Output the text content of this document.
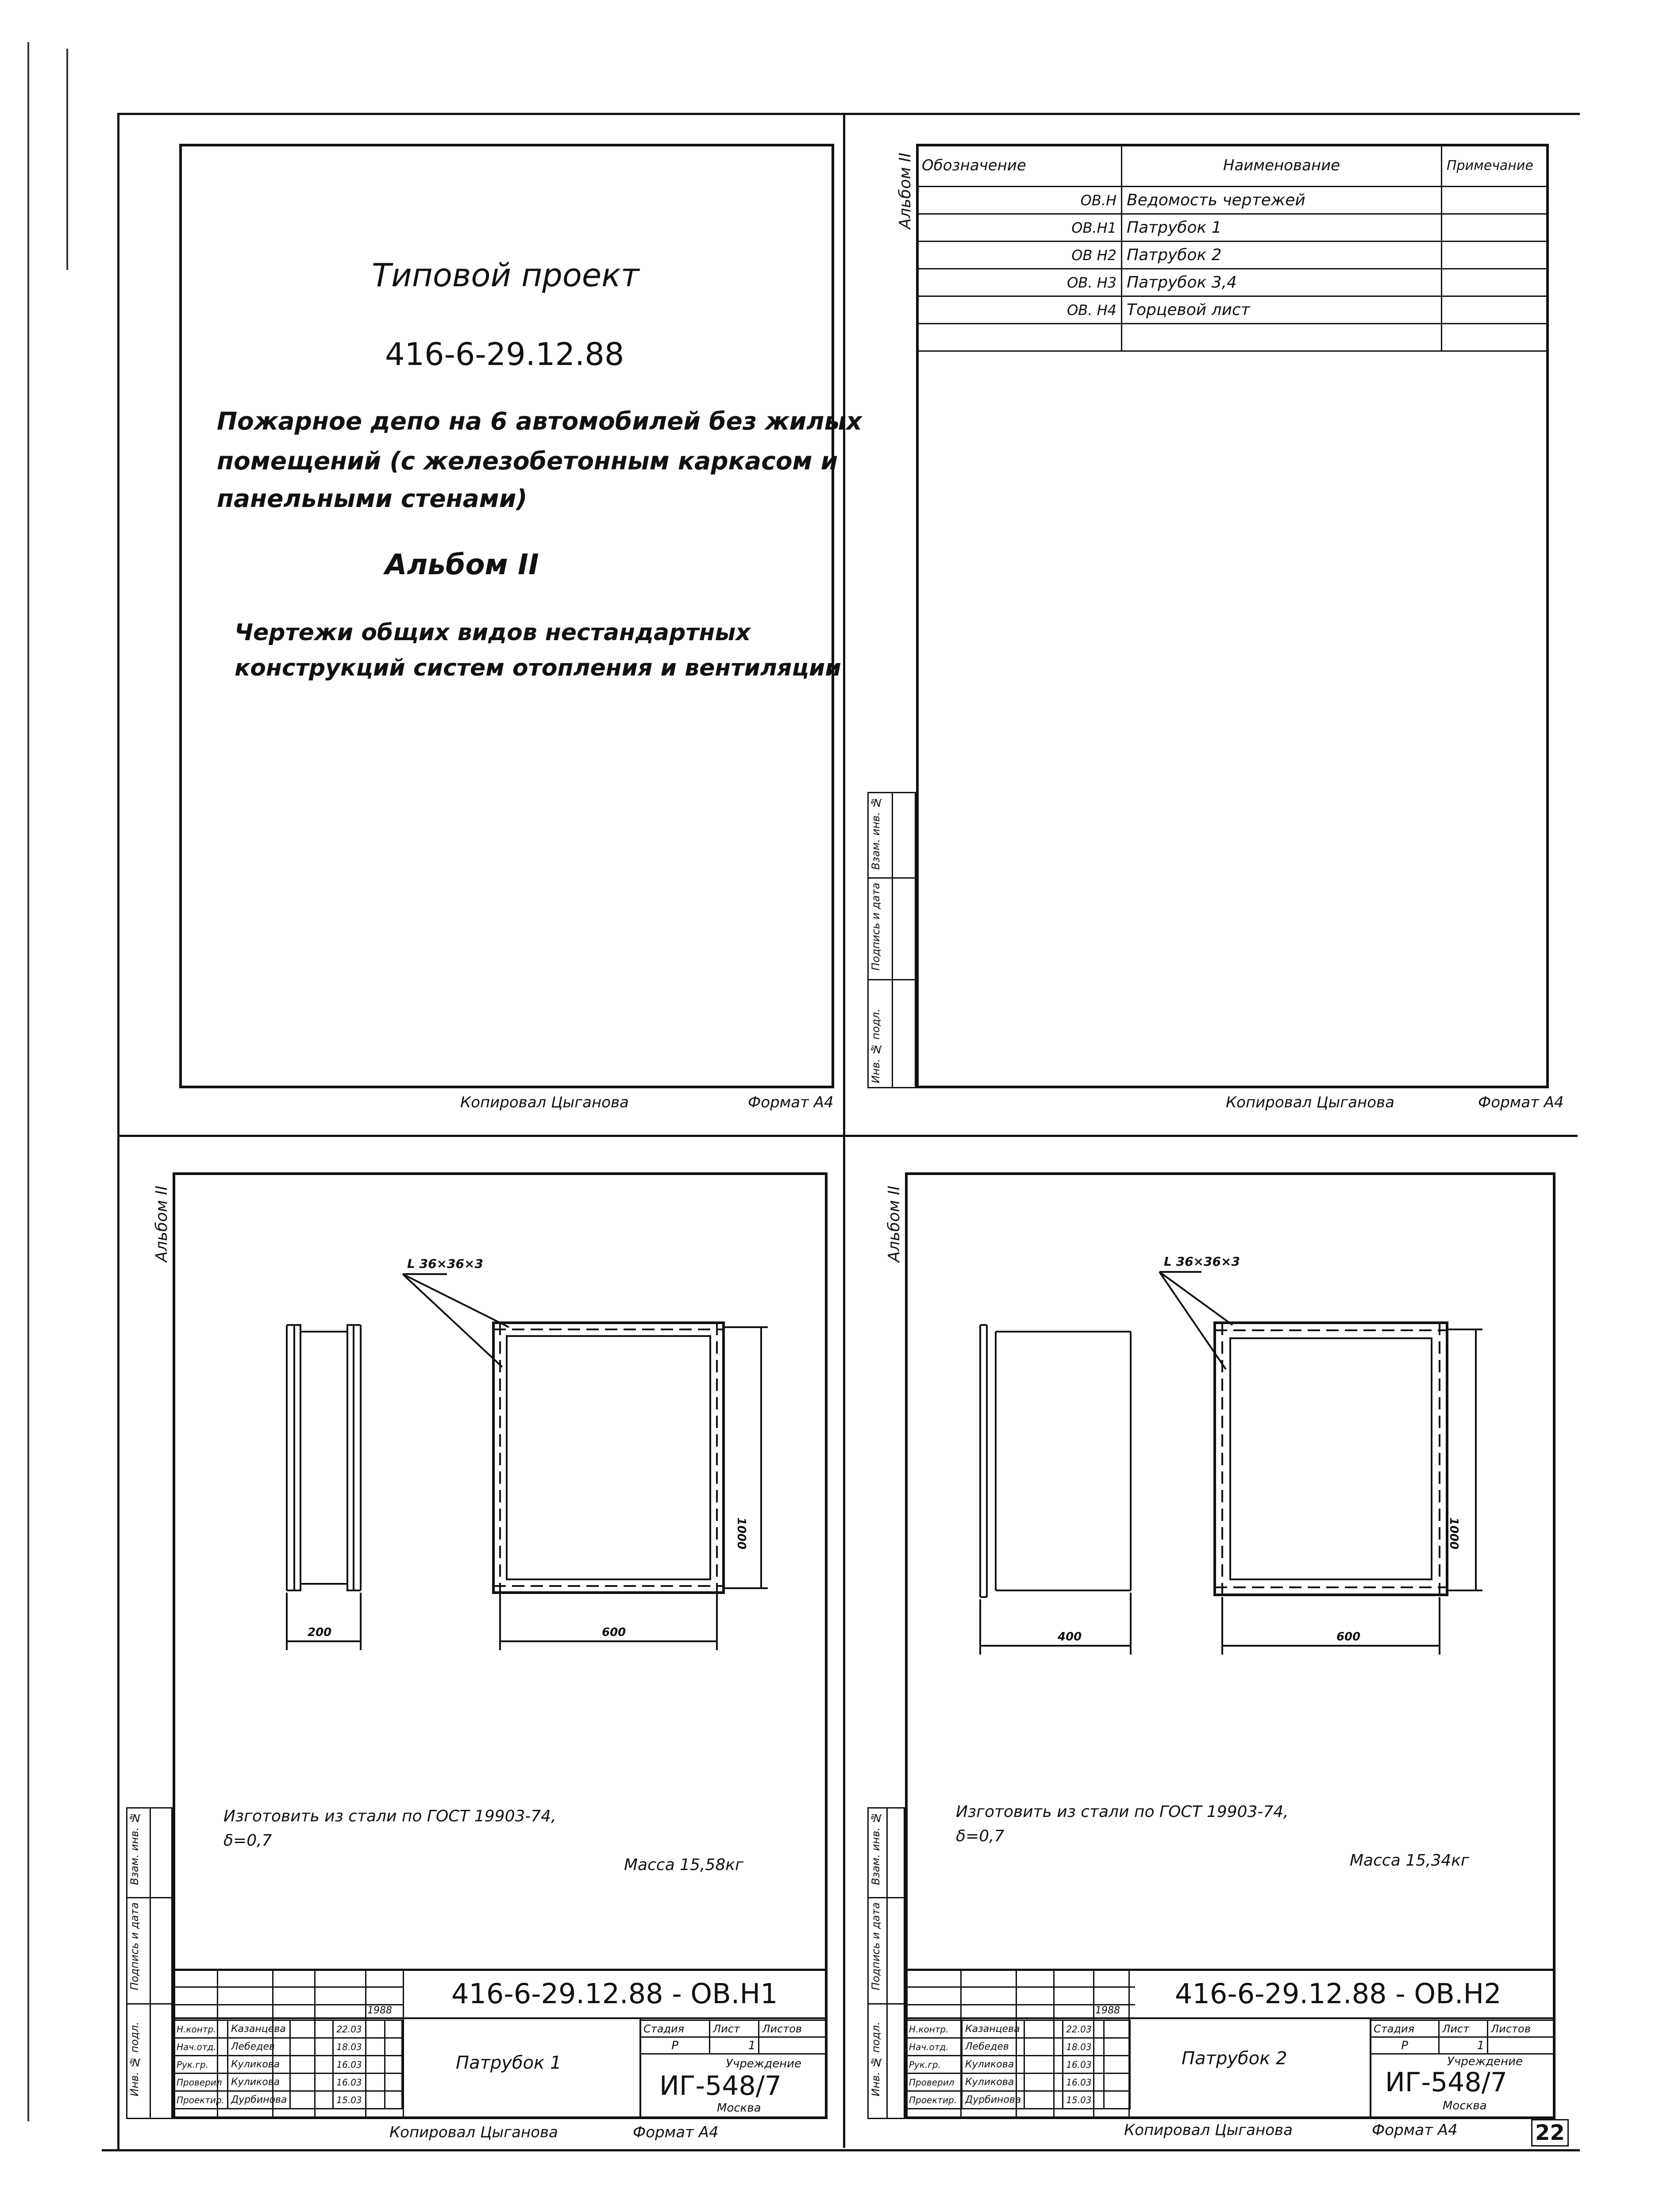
Типовой проект
416-6-29.12.88
Пожарное депо на 6 автомобилей без жилых
помещений (с железобетонным каркасом и
панельными стенами)
Альбом II
Чертежи общих видов нестандартных
конструкций систем отопления и вентиляции
Копировал Цыганова	Формат А4
Альбом II Обозначение	Наименование	Примечание
ОВ.Н	Ведомость чертежей	
ОВ.Н1	Патрубок 1	
ОВ Н2	Патрубок 2	
ОВ. Н3	Патрубок 3,4	
ОВ. Н4	Торцевой лист	

Инв. № подл.
Подпись и дата
Взам. инв. №
Копировал Цыганова	Формат А4
Альбом II
L 36×36×3
200	600
1000
Изготовить из стали по ГОСТ 19903-74,
δ=0,7
Масса 15,58кг
Инв. № подл.
Подпись и дата
Взам. инв. №
416-6-29.12.88 - ОВ.Н1
1988
Н.контр.	Казанцева		22.03	
Нач.отд.	Лебедев		18.03	
Рук.гр.	Куликова		16.03	
Проверил	Куликова		16.03	
Проектир.	Дурбинова		15.03	
Патрубок 1
Стадия	Лист	Листов
Р	1	
Учреждение
ИГ-548/7
Москва
Копировал Цыганова	Формат А4
Альбом II	L 36×36×3
400	600
1000
Изготовить из стали по ГОСТ 19903-74,
δ=0,7
Масса 15,34кг
Инв. № подл.
Подпись и дата
Взам. инв. №
416-6-29.12.88 - ОВ.Н2
1988
Н.контр.	Казанцева		22.03	
Нач.отд.	Лебедев		18.03	
Рук.гр.	Куликова		16.03	
Проверил	Куликова		16.03	
Проектир.	Дурбинова		15.03	
Патрубок 2
Стадия	Лист	Листов
Р	1	
Учреждение
ИГ-548/7
Москва
Копировал Цыганова	Формат А4	22
